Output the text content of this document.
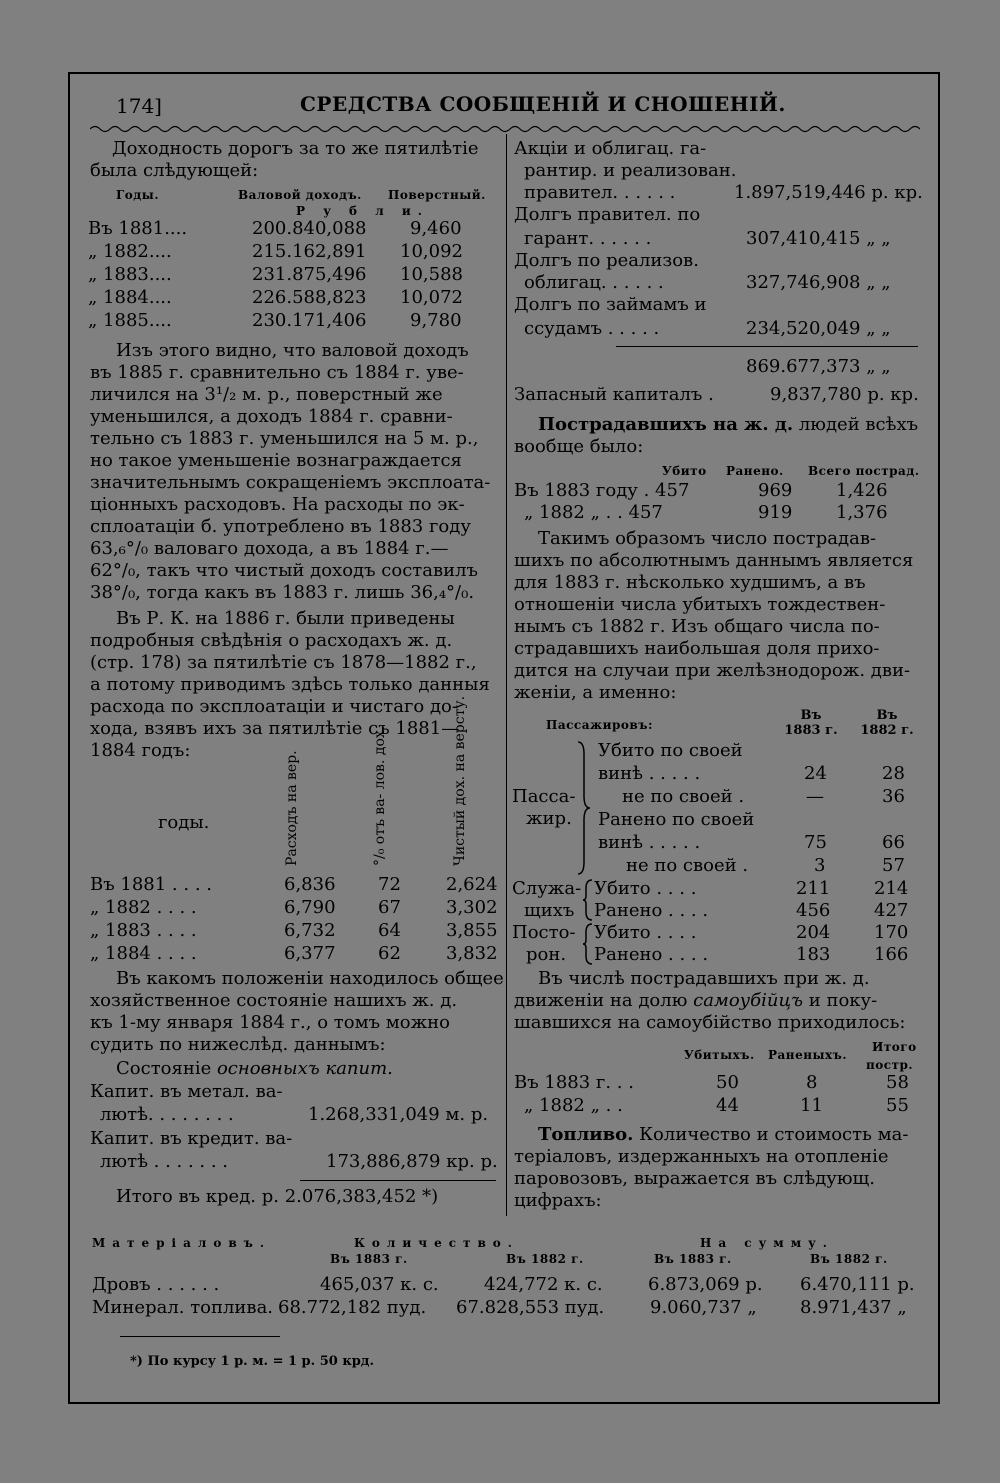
174]	СРЕДСТВА СООБЩЕНІЙ И СНОШЕНІЙ.
Доходность дорогъ за то же пятилѣтіе
была слѣдующей:
Годы.	Валовой доходъ. Поверстный.
Р у б л и.
Въ 1881....	200.840,088 9,460
„ 1882....	215.162,891 10,092
„ 1883....	231.875,496 10,588
„ 1884....	226.588,823 10,072
„ 1885....	230.171,406 9,780
Изъ этого видно, что валовой доходъ
въ 1885 г. сравнительно съ 1884 г. уве-
личился на 3¹/₂ м. р., поверстный же
уменьшился, а доходъ 1884 г. сравни-
тельно съ 1883 г. уменьшился на 5 м. р.,
но такое уменьшеніе вознаграждается
значительнымъ сокращеніемъ эксплоата-
ціонныхъ расходовъ. На расходы по эк-
сплоатаціи б. употреблено въ 1883 году
63,₆°/₀ валоваго дохода, а въ 1884 г.—
62°/₀, такъ что чистый доходъ составилъ
38°/₀, тогда какъ въ 1883 г. лишь 36,₄°/₀.
Въ Р. К. на 1886 г. были приведены
подробныя свѣдѣнія о расходахъ ж. д.
(стр. 178) за пятилѣтіе съ 1878—1882 г.,
а потому приводимъ здѣсь только данныя
расхода по эксплоатаціи и чистаго до-
хода, взявъ ихъ за пятилѣтіе съ 1881—
1884 годъ:
годы.	Расходъ на вер.	°/₀ отъ ва- лов. дох.	Чистый дох. на версту.
Въ 1881 . . . .	6,836 72	2,624
„ 1882 . . . .	6,790 67	3,302
„ 1883 . . . .	6,732 64	3,855
„ 1884 . . . .	6,377 62	3,832
Въ какомъ положеніи находилось общее
хозяйственное состояніе нашихъ ж. д.
къ 1-му января 1884 г., о томъ можно
судить по нижеслѣд. даннымъ:
Состояніе основныхъ капит.
Капит. въ метал. ва-
лютѣ. . . . . . . .	1.268,331,049 м. р.
Капит. въ кредит. ва-
лютѣ . . . . . . .	173,886,879 кр. р.
Итого въ кред. р. 2.076,383,452 *)
Акціи и облигац. га-
рантир. и реализован.
правител. . . . . .	1.897,519,446 р. кр.
Долгъ правител. по
гарант. . . . . .	307,410,415 „ „
Долгъ по реализов.
облигац. . . . . .	327,746,908 „ „
Долгъ по займамъ и
ссудамъ . . . . .	234,520,049 „ „
869.677,373 „ „
Запасный капиталъ .	9,837,780 р. кр.
Пострадавшихъ на ж. д. людей всѣхъ
вообще было:
Убито Ранено. Всего пострад.
Въ 1883 году . 457	969 1,426
„ 1882 „ . . 457	919 1,376
Такимъ образомъ число пострадав-
шихъ по абсолютнымъ даннымъ является
для 1883 г. нѣсколько худшимъ, а въ
отношеніи числа убитыхъ тождествен-
нымъ съ 1882 г. Изъ общаго числа по-
страдавшихъ наибольшая доля прихо-
дится на случаи при желѣзнодорож. дви-
женіи, а именно:
Пассажировъ:
Въ 1883 г.
Въ 1882 г.
Пасса-
жир.
Убито по своей
винѣ . . . . .	24	28
не по своей .	—	36
Ранено по своей
винѣ . . . . .	75	66
не по своей .	3	57
Служа-
щихъ
Убито . . . .	211 214
Ранено . . . .	456 427
Посто-
рон.
Убито . . . .	204 170
Ранено . . . .	183 166
Въ числѣ пострадавшихъ при ж. д.
движеніи на долю самоубійцъ и поку-
шавшихся на самоубійство приходилось:
Убитыхъ. Раненыхъ.
Итого
постр.
Въ 1883 г. . .	50	8	58
„ 1882 „ . .	44	11	55
Топливо. Количество и стоимость ма-
теріаловъ, издержанныхъ на отопленіе
паровозовъ, выражается въ слѣдующ.
цифрахъ:
Матеріаловъ.	Количество.	На сумму.
Въ 1883 г.	Въ 1882 г.	Въ 1883 г.	Въ 1882 г.
Дровъ . . . . . .	465,037 к. с.	424,772 к. с.	6.873,069 р. 6.470,111 р.
Минерал. топлива. 68.772,182 пуд. 67.828,553 пуд.	9.060,737 „ 8.971,437 „
*) По курсу 1 р. м. = 1 р. 50 крд.
